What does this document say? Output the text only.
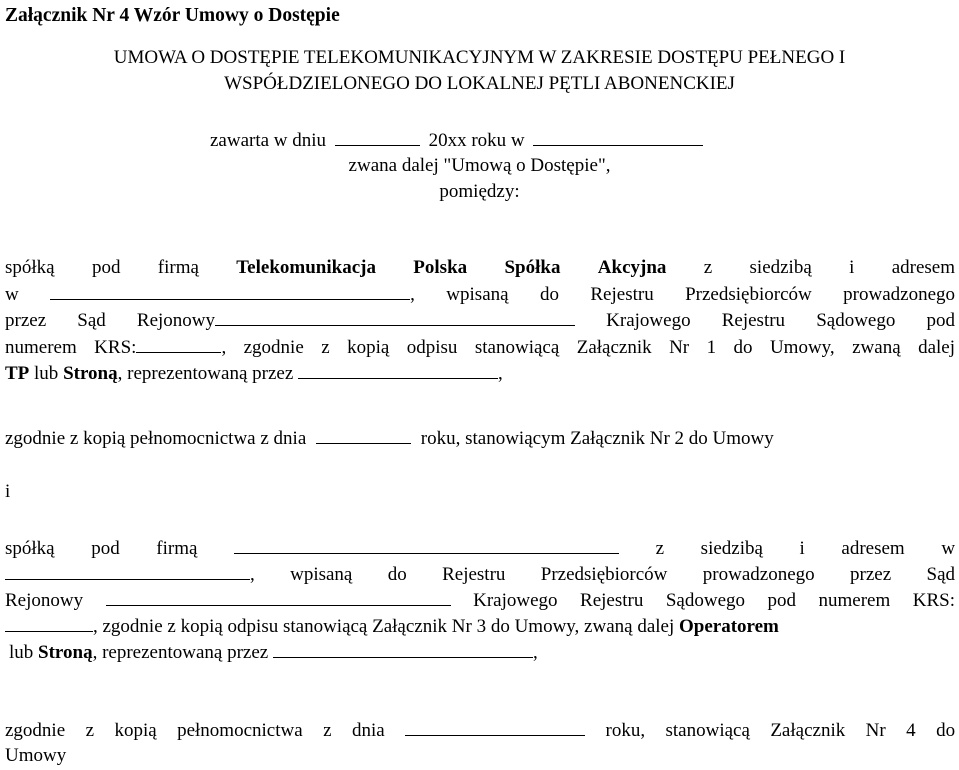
Załącznik Nr 4 Wzór Umowy o Dostępie
UMOWA O DOSTĘPIE TELEKOMUNIKACYJNYM W ZAKRESIE DOSTĘPU PEŁNEGO I
WSPÓŁDZIELONEGO DO LOKALNEJ PĘTLI ABONENCKIEJ
zawarta w dniu	20xx roku w
zwana dalej "Umową o Dostępie",
pomiędzy:
spółką pod firmą Telekomunikacja Polska Spółka Akcyjna z siedzibą i adresem
w	, wpisaną do Rejestru Przedsiębiorców prowadzonego
przez Sąd Rejonowy	Krajowego Rejestru Sądowego pod
numerem KRS:	, zgodnie z kopią odpisu stanowiącą Załącznik Nr 1 do Umowy, zwaną dalej
TP lub Stroną, reprezentowaną przez	,
zgodnie z kopią pełnomocnictwa z dnia	roku, stanowiącym Załącznik Nr 2 do Umowy
i
spółką pod firmą	z siedzibą i adresem w
, wpisaną do Rejestru Przedsiębiorców prowadzonego przez Sąd
Rejonowy	Krajowego Rejestru Sądowego pod numerem KRS:
, zgodnie z kopią odpisu stanowiącą Załącznik Nr 3 do Umowy, zwaną dalej Operatorem
lub Stroną, reprezentowaną przez	,
zgodnie z kopią pełnomocnictwa z dnia	roku, stanowiącą Załącznik Nr 4 do
Umowy
